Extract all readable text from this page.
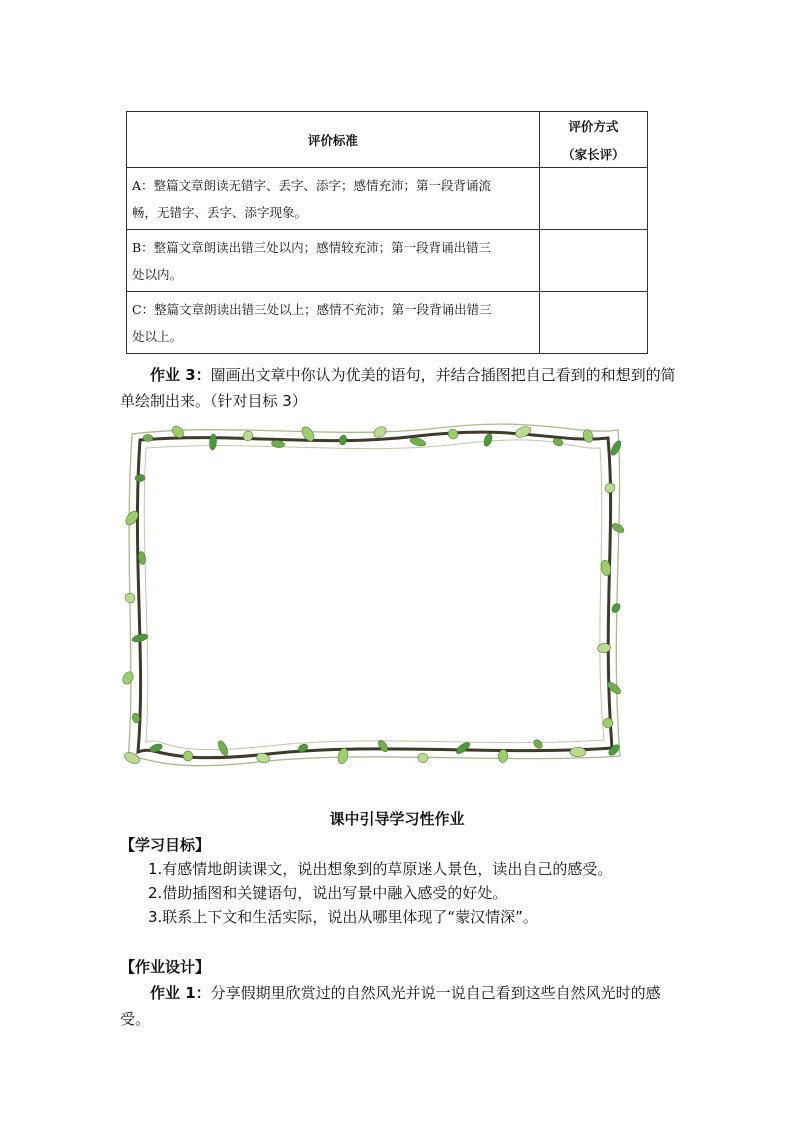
评价标准	评价方式
（家长评）

A：整篇文章朗读无错字、丢字、添字；感情充沛；第一段背诵流
畅，无错字、丢字、添字现象。	

B：整篇文章朗读出错三处以内；感情较充沛；第一段背诵出错三
处以内。	

C：整篇文章朗读出错三处以上；感情不充沛；第一段背诵出错三
处以上。	

作业 3：圈画出文章中你认为优美的语句，并结合插图把自己看到的和想到的简单绘制出来。（针对目标 3）
课中引导学习性作业
【学习目标】
1.有感情地朗读课文，说出想象到的草原迷人景色，读出自己的感受。
2.借助插图和关键语句，说出写景中融入感受的好处。
3.联系上下文和生活实际，说出从哪里体现了“蒙汉情深”。
【作业设计】
作业 1：分享假期里欣赏过的自然风光并说一说自己看到这些自然风光时的感受。
